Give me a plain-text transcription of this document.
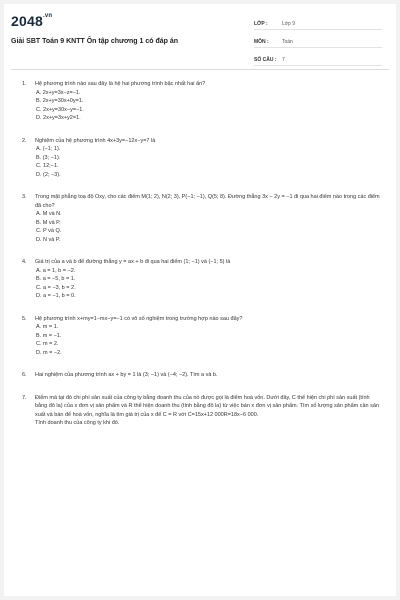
$2048^{.vn}$
Giải SBT Toán 9 KNTT Ôn tập chương 1 có đáp án
LỚP :	Lớp 9
MÔN :	Toán
SỐ CÂU :	7
1. Hệ phương trình nào sau đây là hệ hai phương trình bậc nhất hai ẩn?
A. 2x+y=3x−z=−1.
B. 2x+y=30x+0y=1.
C. 2x+y=30x−y=−1.
D. 2x+y=3x+y2=1.
2. Nghiệm của hệ phương trình 4x+3y=−12x−y=7 là
A. (−1; 1).
B. (3; −1).
C. 12;−1.
D. (2; −3).
3. Trong mặt phẳng toạ độ Oxy, cho các điểm M(1; 2), N(2; 3), P(−1; −1), Q(5; 8). Đường thẳng 3x − 2y = −1 đi qua hai điểm nào trong các điểm đã cho?
A. M và N.
B. M và P.
C. P và Q.
D. N và P.
4. Giá trị của a và b để đường thẳng y = ax + b đi qua hai điểm (1; −1) và (−1; 5) là
A. a = 1, b = −2.
B. a = −5, b = 1.
C. a = −3, b = 2.
D. a = −1, b = 0.
5. Hệ phương trình x+my=1−mx−y=−1 có vô số nghiệm trong trường hợp nào sau đây?
A. m = 1.
B. m = −1.
C. m = 2.
D. m = −2.
6. Hai nghiệm của phương trình ax + by = 1 là (3; −1) và (−4; −2). Tìm a và b.
7. Điểm mà tại đó chi phí sản xuất của công ty bằng doanh thu của nó được gọi là điểm hoà vốn. Dưới đây, C thể hiện chi phí sản xuất (tính bằng đô la) của x đơn vị sản phẩm và R thể hiện doanh thu (tính bằng đô la) từ việc bán x đơn vị sản phẩm. Tìm số lượng sản phẩm cần sản xuất và bán để hoà vốn, nghĩa là tìm giá trị của x để C = R với C=15x+12 000R=18x−6 000.
Tính doanh thu của công ty khi đó.
